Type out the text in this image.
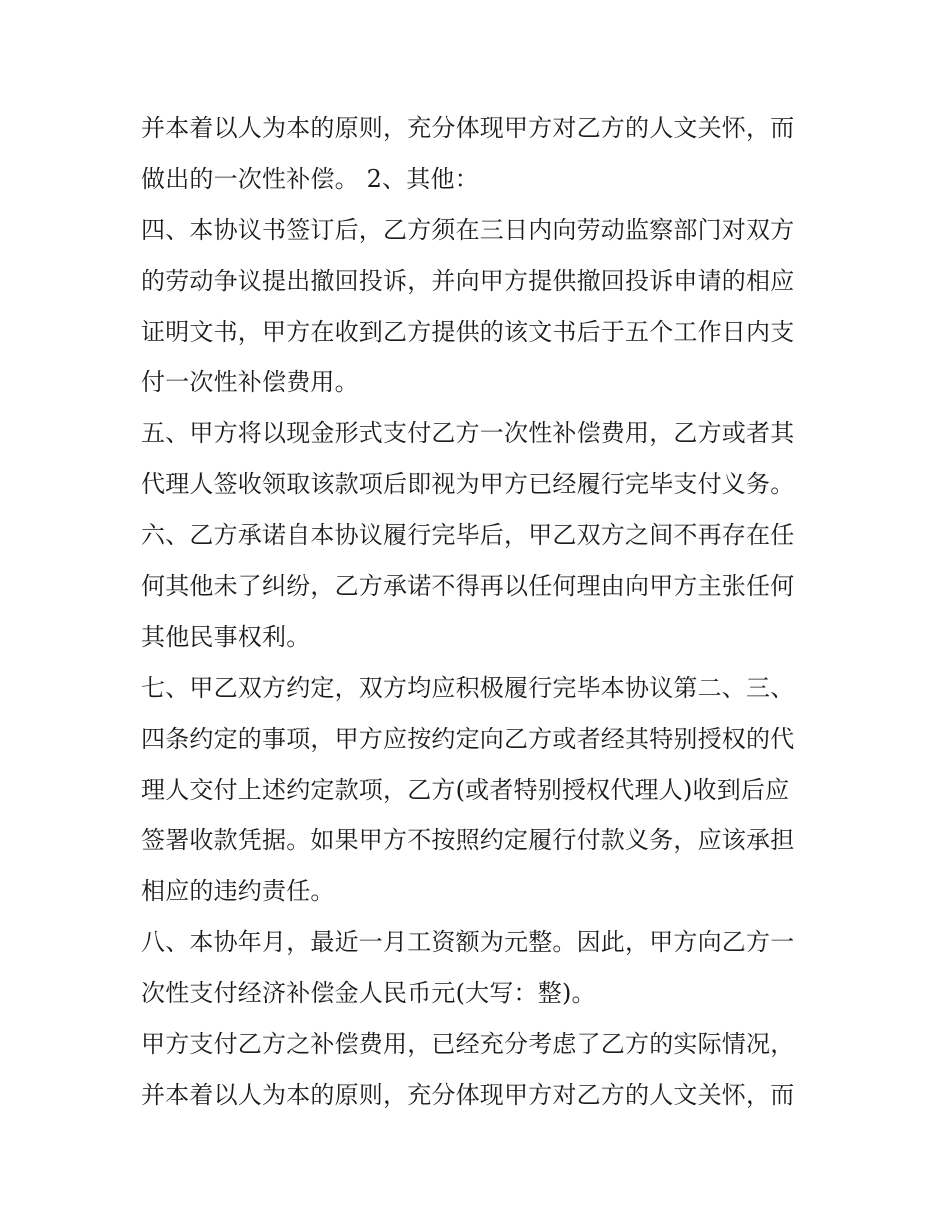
并本着以人为本的原则，充分体现甲方对乙方的人文关怀，而
做出的一次性补偿。 2、其他：
四、本协议书签订后，乙方须在三日内向劳动监察部门对双方
的劳动争议提出撤回投诉，并向甲方提供撤回投诉申请的相应
证明文书，甲方在收到乙方提供的该文书后于五个工作日内支
付一次性补偿费用。
五、甲方将以现金形式支付乙方一次性补偿费用，乙方或者其
代理人签收领取该款项后即视为甲方已经履行完毕支付义务。
六、乙方承诺自本协议履行完毕后，甲乙双方之间不再存在任
何其他未了纠纷，乙方承诺不得再以任何理由向甲方主张任何
其他民事权利。
七、甲乙双方约定，双方均应积极履行完毕本协议第二、三、
四条约定的事项，甲方应按约定向乙方或者经其特别授权的代
理人交付上述约定款项，乙方(或者特别授权代理人)收到后应
签署收款凭据。如果甲方不按照约定履行付款义务，应该承担
相应的违约责任。
八、本协年月，最近一月工资额为元整。因此，甲方向乙方一
次性支付经济补偿金人民币元(大写：整)。
甲方支付乙方之补偿费用，已经充分考虑了乙方的实际情况，
并本着以人为本的原则，充分体现甲方对乙方的人文关怀，而
